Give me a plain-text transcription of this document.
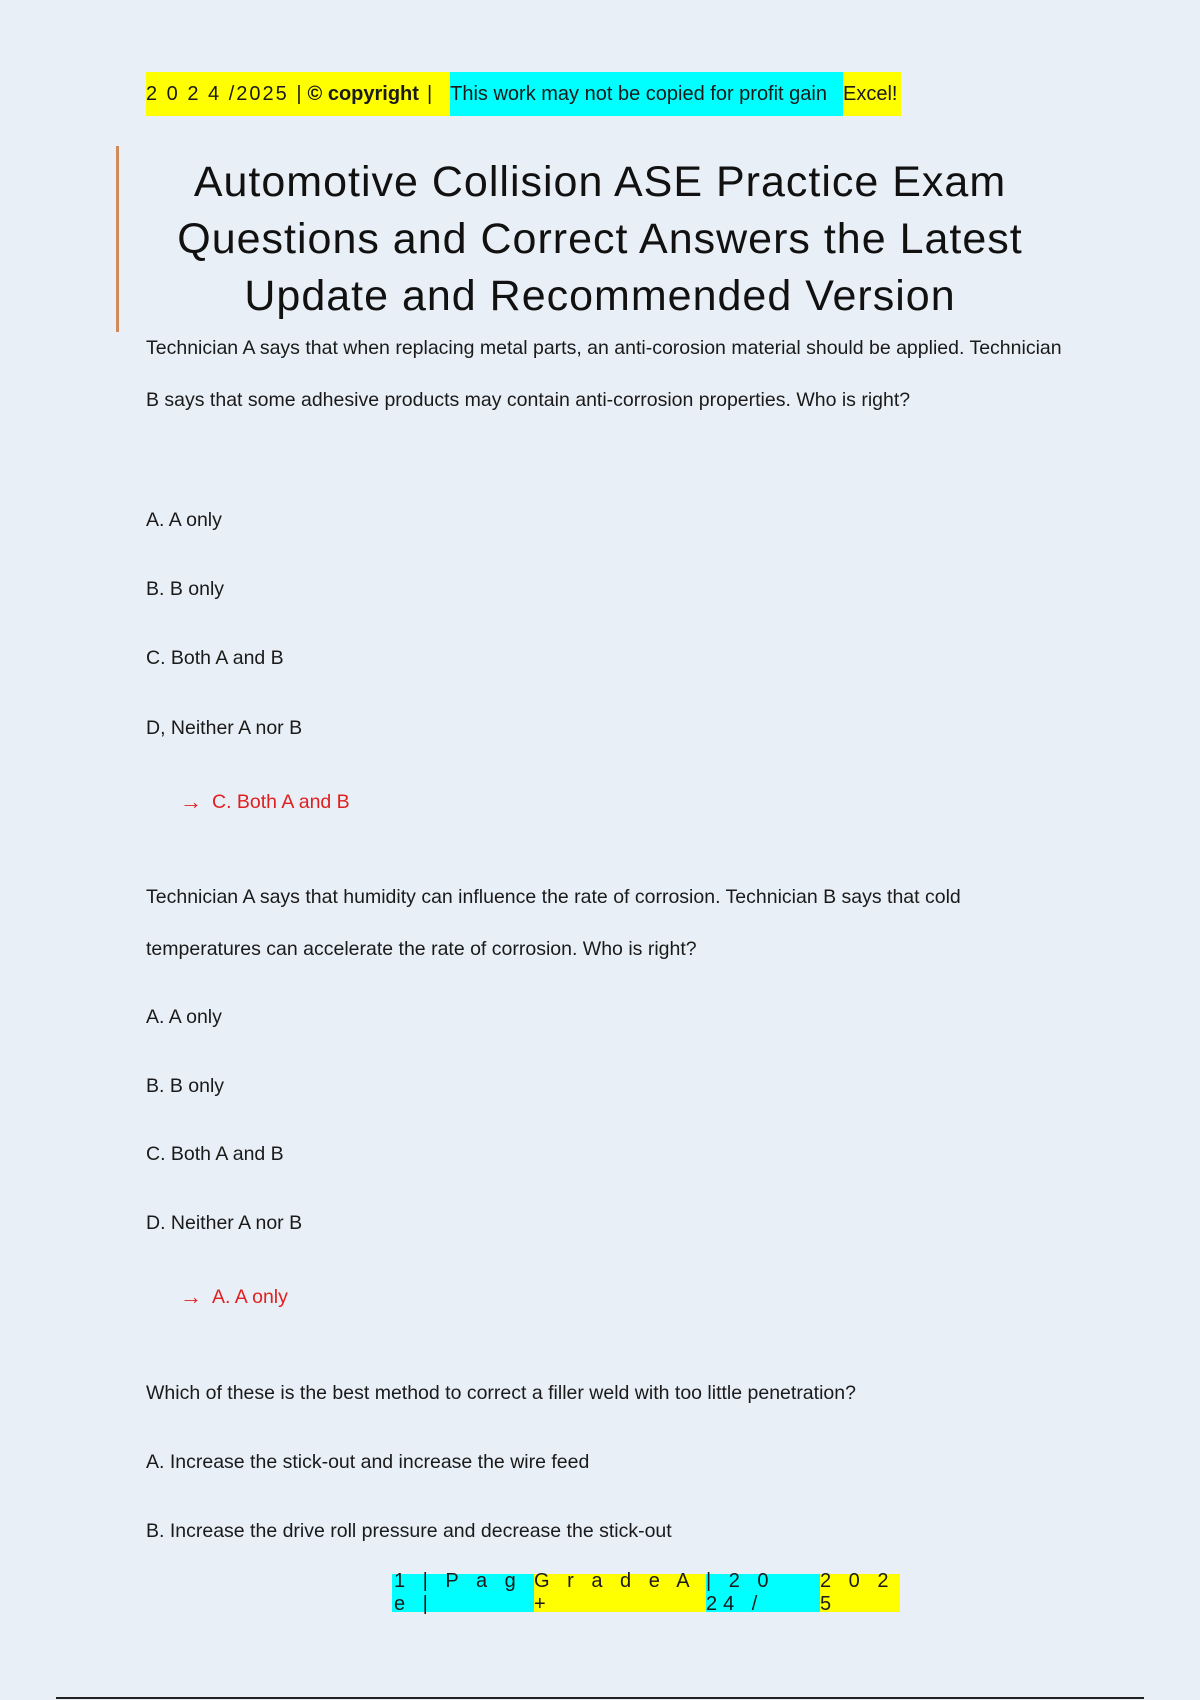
2 0 2 4 /2025 | © copyright | This work may not be copied for profit gain Excel!
Automotive Collision ASE Practice Exam Questions and Correct Answers the Latest Update and Recommended Version
Technician A says that when replacing metal parts, an anti-corosion material should be applied. Technician B says that some adhesive products may contain anti-corrosion properties. Who is right?
A. A only
B. B only
C. Both A and B
D, Neither A nor B
→ C. Both A and B
Technician A says that humidity can influence the rate of corrosion. Technician B says that cold temperatures can accelerate the rate of corrosion. Who is right?
A. A only
B. B only
C. Both A and B
D. Neither A nor B
→ A. A only
Which of these is the best method to correct a filler weld with too little penetration?
A. Increase the stick-out and increase the wire feed
B. Increase the drive roll pressure and decrease the stick-out
1 | P a g e |
G r a d e A +
| 2 0 24 /
2 0 2 5
